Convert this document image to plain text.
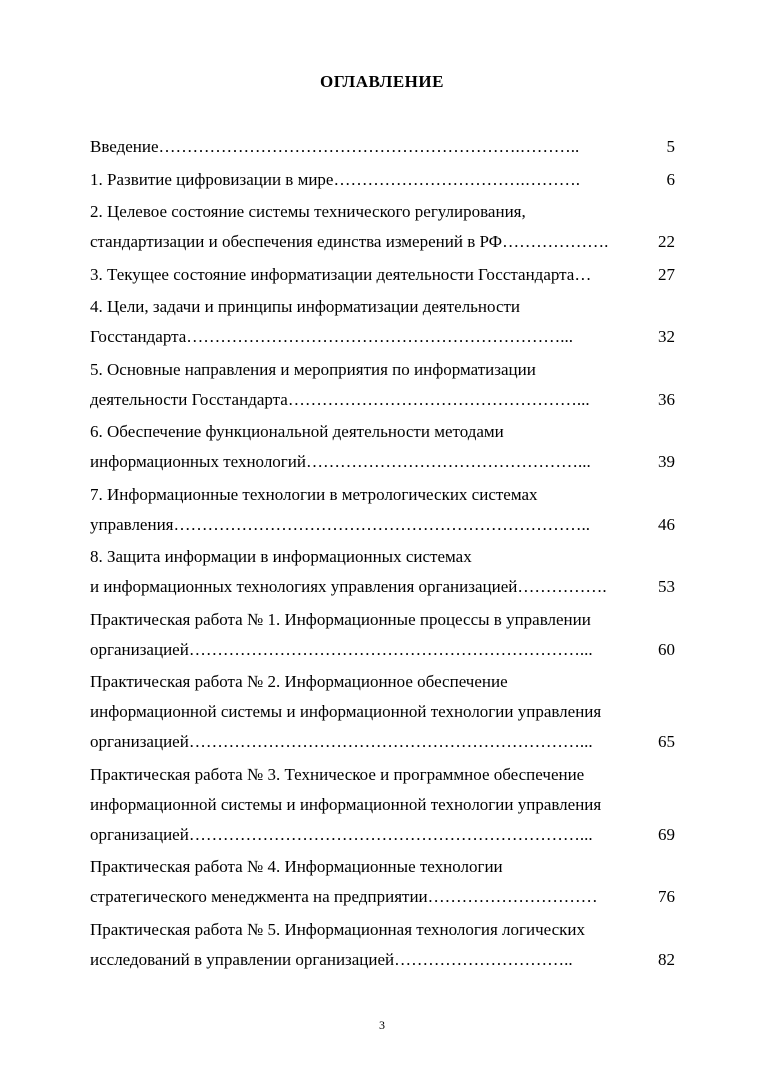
ОГЛАВЛЕНИЕ
Введение……………………………………………………….………..	5
1. Развитие цифровизации в мире…………………………….……….	6
2. Целевое состояние системы технического регулирования,
стандартизации и обеспечения единства измерений в РФ……………….	22
3. Текущее состояние информатизации деятельности Госстандарта…	27
4. Цели, задачи и принципы информатизации деятельности
Госстандарта…………………………………………………………...	32
5. Основные направления и мероприятия по информатизации
деятельности Госстандарта……………………………………………...	36
6. Обеспечение функциональной деятельности методами
информационных технологий…………………………………………...	39
7. Информационные технологии в метрологических системах
управления………………………………………………………………..	46
8. Защита информации в информационных системах
и информационных технологиях управления организацией…………….	53
Практическая работа № 1. Информационные процессы в управлении
организацией……………………………………………………………...	60
Практическая работа № 2. Информационное обеспечение
информационной системы и информационной технологии управления
организацией……………………………………………………………...	65
Практическая работа № 3. Техническое и программное обеспечение
информационной системы и информационной технологии управления
организацией……………………………………………………………...	69
Практическая работа № 4. Информационные технологии
стратегического менеджмента на предприятии…………………………	76
Практическая работа № 5. Информационная технология логических
исследований в управлении организацией…………………………..	82
3
